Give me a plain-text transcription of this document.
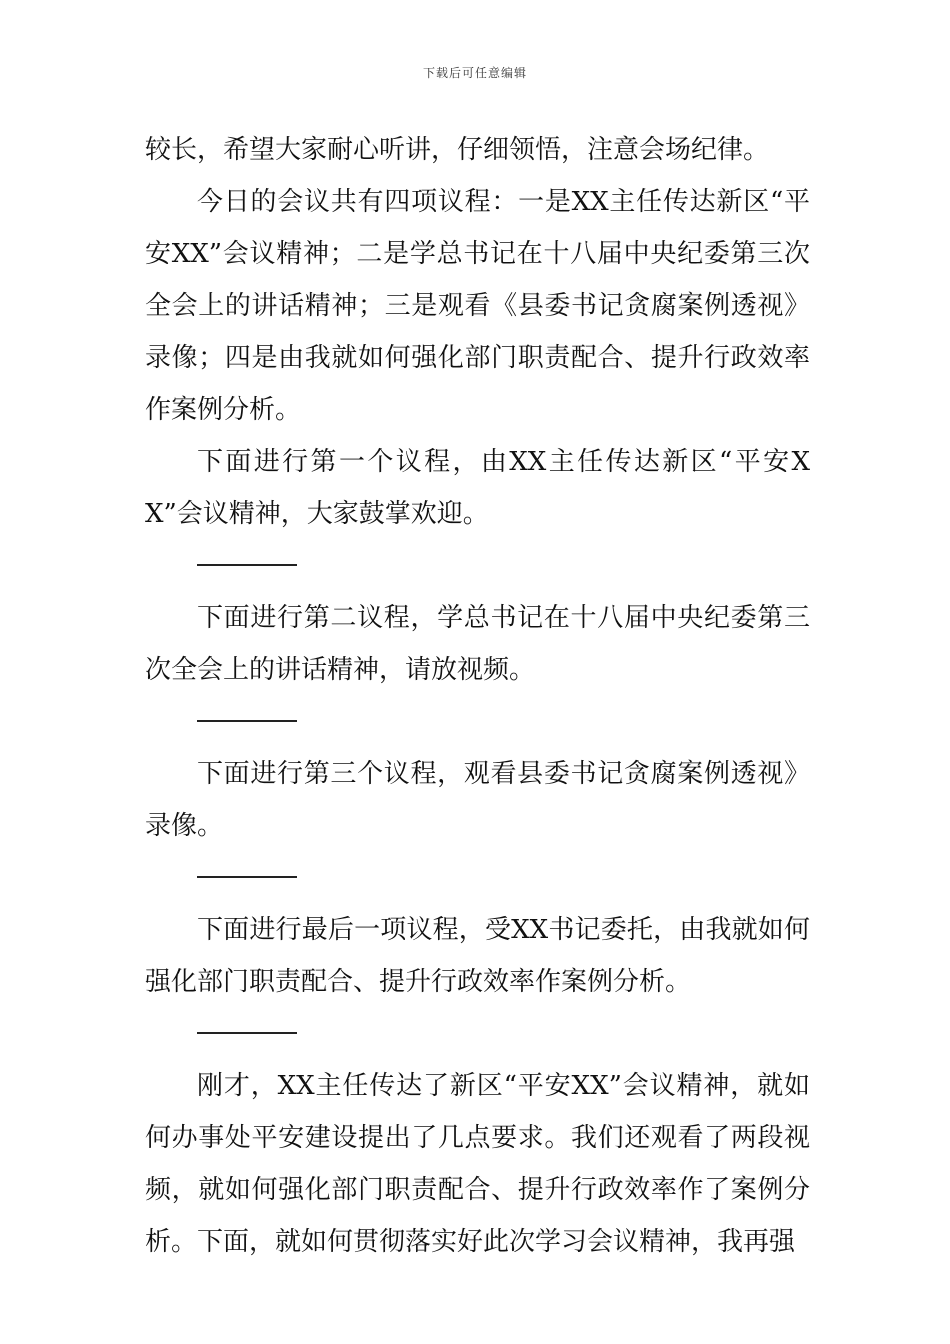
下载后可任意编辑

较长，希望大家耐心听讲，仔细领悟，注意会场纪律。

今日的会议共有四项议程：一是XX主任传达新区“平安XX”会议精神；二是学总书记在十八届中央纪委第三次全会上的讲话精神；三是观看《县委书记贪腐案例透视》录像；四是由我就如何强化部门职责配合、提升行政效率作案例分析。

下面进行第一个议程，由XX主任传达新区“平安XX”会议精神，大家鼓掌欢迎。

下面进行第二议程，学总书记在十八届中央纪委第三次全会上的讲话精神，请放视频。

下面进行第三个议程，观看县委书记贪腐案例透视》录像。

下面进行最后一项议程，受XX书记委托，由我就如何强化部门职责配合、提升行政效率作案例分析。

刚才，XX主任传达了新区“平安XX”会议精神，就如何办事处平安建设提出了几点要求。我们还观看了两段视频，就如何强化部门职责配合、提升行政效率作了案例分析。下面，就如何贯彻落实好此次学习会议精神，我再强
